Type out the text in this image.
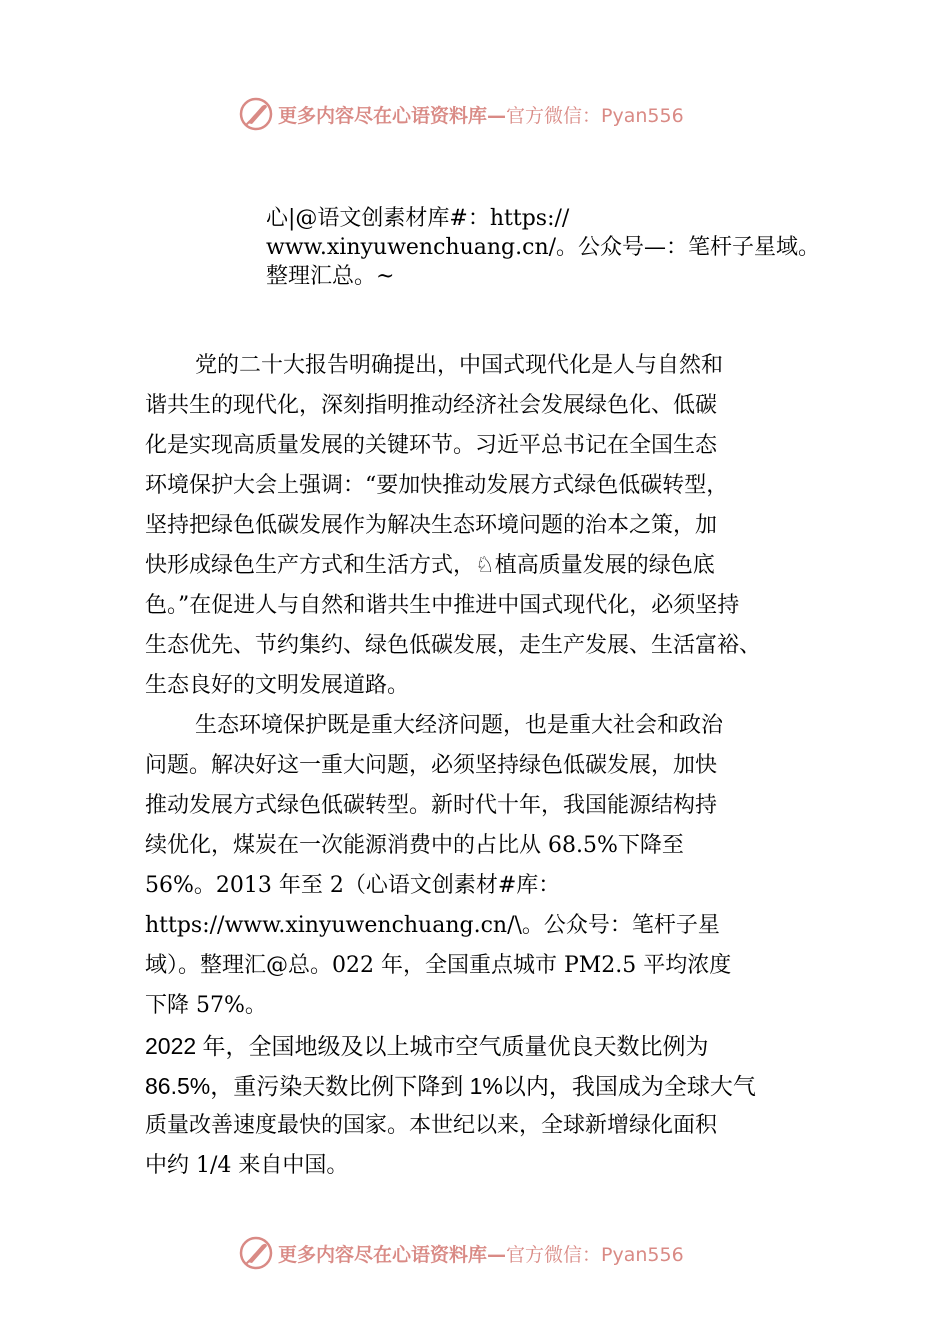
更多内容尽在心语资料库—官方微信：Pyan556
心|@语文创素材库#：https://
www.xinyuwenchuang.cn/。公众号—：笔杆子星域。
整理汇总。~
党的二十大报告明确提出，中国式现代化是人与自然和
谐共生的现代化，深刻指明推动经济社会发展绿色化、低碳
化是实现高质量发展的关键环节。习近平总书记在全国生态
环境保护大会上强调：“要加快推动发展方式绿色低碳转型，
坚持把绿色低碳发展作为解决生态环境问题的治本之策，加
快形成绿色生产方式和生活方式，♘植高质量发展的绿色底
色。”在促进人与自然和谐共生中推进中国式现代化，必须坚持
生态优先、节约集约、绿色低碳发展，走生产发展、生活富裕、
生态良好的文明发展道路。
生态环境保护既是重大经济问题，也是重大社会和政治
问题。解决好这一重大问题，必须坚持绿色低碳发展，加快
推动发展方式绿色低碳转型。新时代十年，我国能源结构持
续优化，煤炭在一次能源消费中的占比从 68.5%下降至
56%。2013 年至 2（心语文创素材#库：
https://www.xinyuwenchuang.cn/\。公众号：笔杆子星
域）。整理汇@总。022 年，全国重点城市 PM2.5 平均浓度
下降 57%。
2022 年，全国地级及以上城市空气质量优良天数比例为
86.5%，重污染天数比例下降到 1%以内，我国成为全球大气
质量改善速度最快的国家。本世纪以来，全球新增绿化面积
中约 1/4 来自中国。
更多内容尽在心语资料库—官方微信：Pyan556
